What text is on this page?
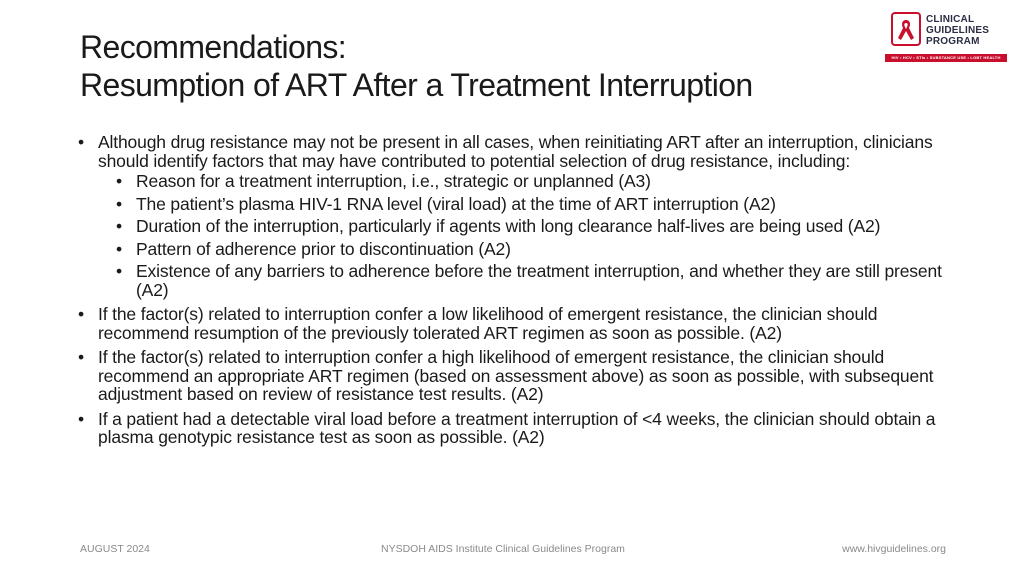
Recommendations:
Resumption of ART After a Treatment Interruption
CLINICAL
GUIDELINES
PROGRAM
HIV • HCV • STIs • SUBSTANCE USE • LGBT HEALTH
• Although drug resistance may not be present in all cases, when reinitiating ART after an interruption, clinicians should identify factors that may have contributed to potential selection of drug resistance, including:
• Reason for a treatment interruption, i.e., strategic or unplanned (A3)
• The patient’s plasma HIV-1 RNA level (viral load) at the time of ART interruption (A2)
• Duration of the interruption, particularly if agents with long clearance half-lives are being used (A2)
• Pattern of adherence prior to discontinuation (A2)
• Existence of any barriers to adherence before the treatment interruption, and whether they are still present (A2)
• If the factor(s) related to interruption confer a low likelihood of emergent resistance, the clinician should recommend resumption of the previously tolerated ART regimen as soon as possible. (A2)
• If the factor(s) related to interruption confer a high likelihood of emergent resistance, the clinician should recommend an appropriate ART regimen (based on assessment above) as soon as possible, with subsequent adjustment based on review of resistance test results. (A2)
• If a patient had a detectable viral load before a treatment interruption of <4 weeks, the clinician should obtain a plasma genotypic resistance test as soon as possible. (A2)
AUGUST 2024	NYSDOH AIDS Institute Clinical Guidelines Program	www.hivguidelines.org
